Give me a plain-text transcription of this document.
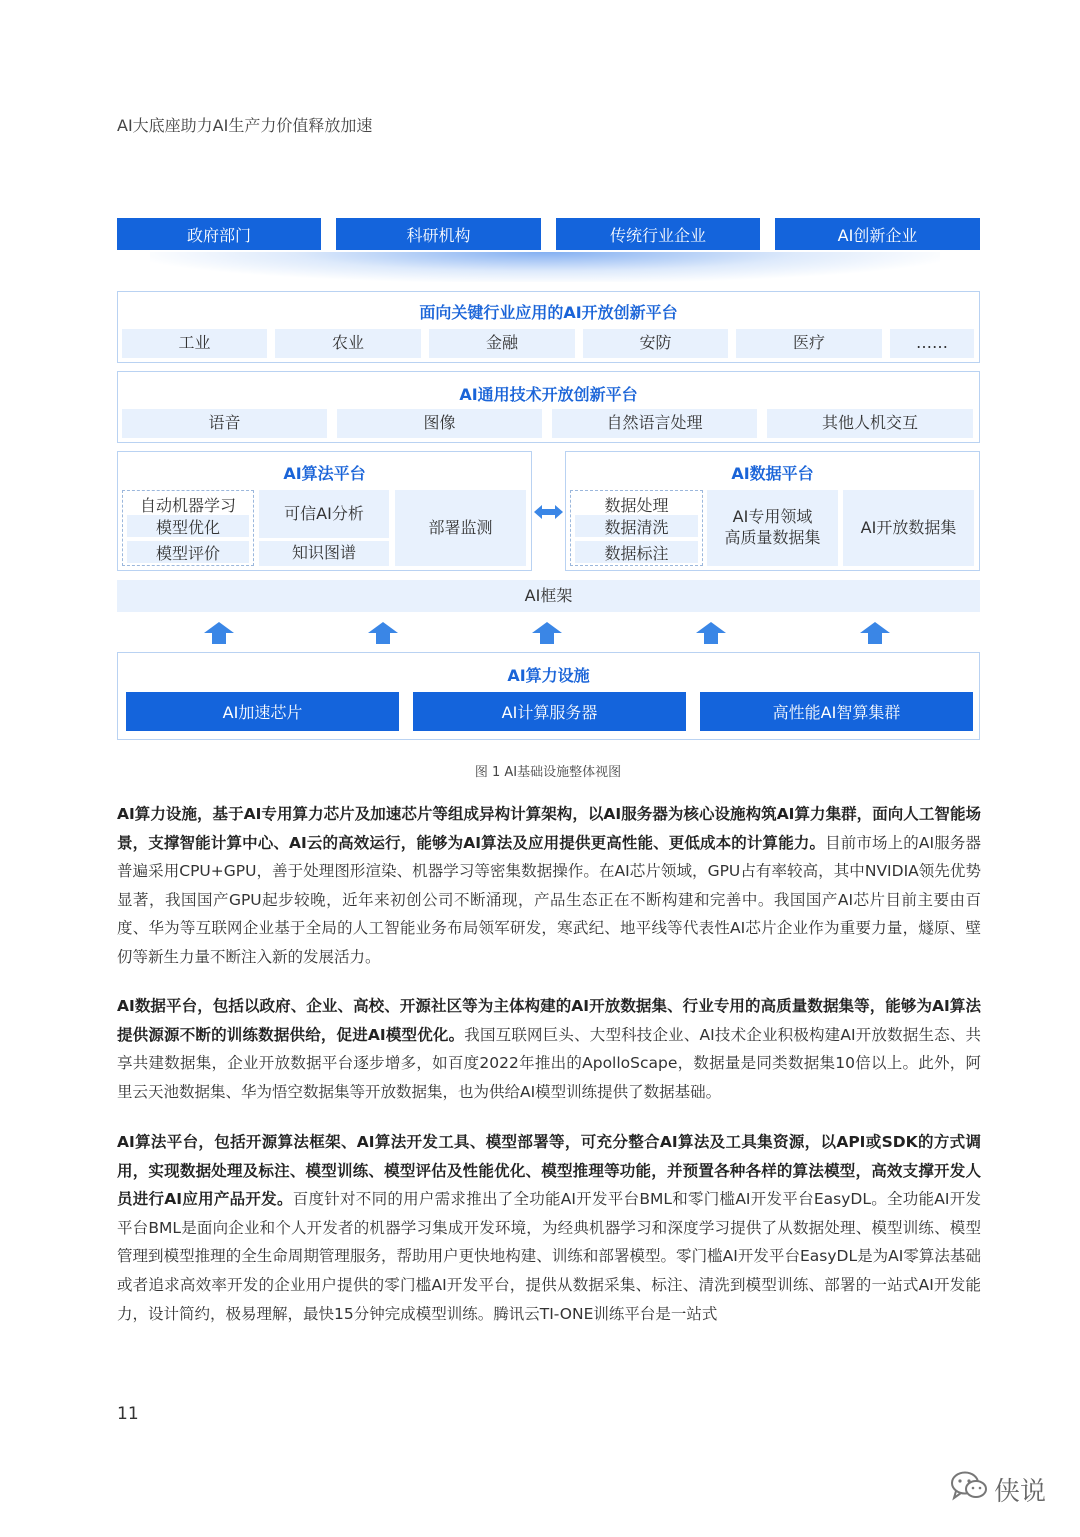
AI大底座助力AI生产力价值释放加速
政府部门	科研机构	传统行业企业	AI创新企业
面向关键行业应用的AI开放创新平台
工业	农业	金融	安防	医疗	……
AI通用技术开放创新平台
语音	图像	自然语言处理	其他人机交互
AI算法平台
自动机器学习
模型优化
模型评价
可信AI分析
知识图谱
部署监测
AI数据平台
数据处理
数据清洗
数据标注
AI专用领域
高质量数据集
AI开放数据集
AI框架
AI算力设施
AI加速芯片	AI计算服务器	高性能AI智算集群
图 1 AI基础设施整体视图
AI算力设施，基于AI专用算力芯片及加速芯片等组成异构计算架构，以AI服务器为核心设施构筑AI算力集群，面向人工智能场景，支撑智能计算中心、AI云的高效运行，能够为AI算法及应用提供更高性能、更低成本的计算能力。目前市场上的AI服务器普遍采用CPU+GPU，善于处理图形渲染、机器学习等密集数据操作。在AI芯片领域，GPU占有率较高，其中NVIDIA领先优势显著，我国国产GPU起步较晚，近年来初创公司不断涌现，产品生态正在不断构建和完善中。我国国产AI芯片目前主要由百度、华为等互联网企业基于全局的人工智能业务布局领军研发，寒武纪、地平线等代表性AI芯片企业作为重要力量，燧原、壁仞等新生力量不断注入新的发展活力。
AI数据平台，包括以政府、企业、高校、开源社区等为主体构建的AI开放数据集、行业专用的高质量数据集等，能够为AI算法提供源源不断的训练数据供给，促进AI模型优化。我国互联网巨头、大型科技企业、AI技术企业积极构建AI开放数据生态、共享共建数据集，企业开放数据平台逐步增多，如百度2022年推出的ApolloScape，数据量是同类数据集10倍以上。此外，阿里云天池数据集、华为悟空数据集等开放数据集，也为供给AI模型训练提供了数据基础。
AI算法平台，包括开源算法框架、AI算法开发工具、模型部署等，可充分整合AI算法及工具集资源，以API或SDK的方式调用，实现数据处理及标注、模型训练、模型评估及性能优化、模型推理等功能，并预置各种各样的算法模型，高效支撑开发人员进行AI应用产品开发。百度针对不同的用户需求推出了全功能AI开发平台BML和零门槛AI开发平台EasyDL。全功能AI开发平台BML是面向企业和个人开发者的机器学习集成开发环境，为经典机器学习和深度学习提供了从数据处理、模型训练、模型管理到模型推理的全生命周期管理服务，帮助用户更快地构建、训练和部署模型。零门槛AI开发平台EasyDL是为AI零算法基础或者追求高效率开发的企业用户提供的零门槛AI开发平台，提供从数据采集、标注、清洗到模型训练、部署的一站式AI开发能力，设计简约，极易理解，最快15分钟完成模型训练。腾讯云TI-ONE训练平台是一站式
11
侠说
